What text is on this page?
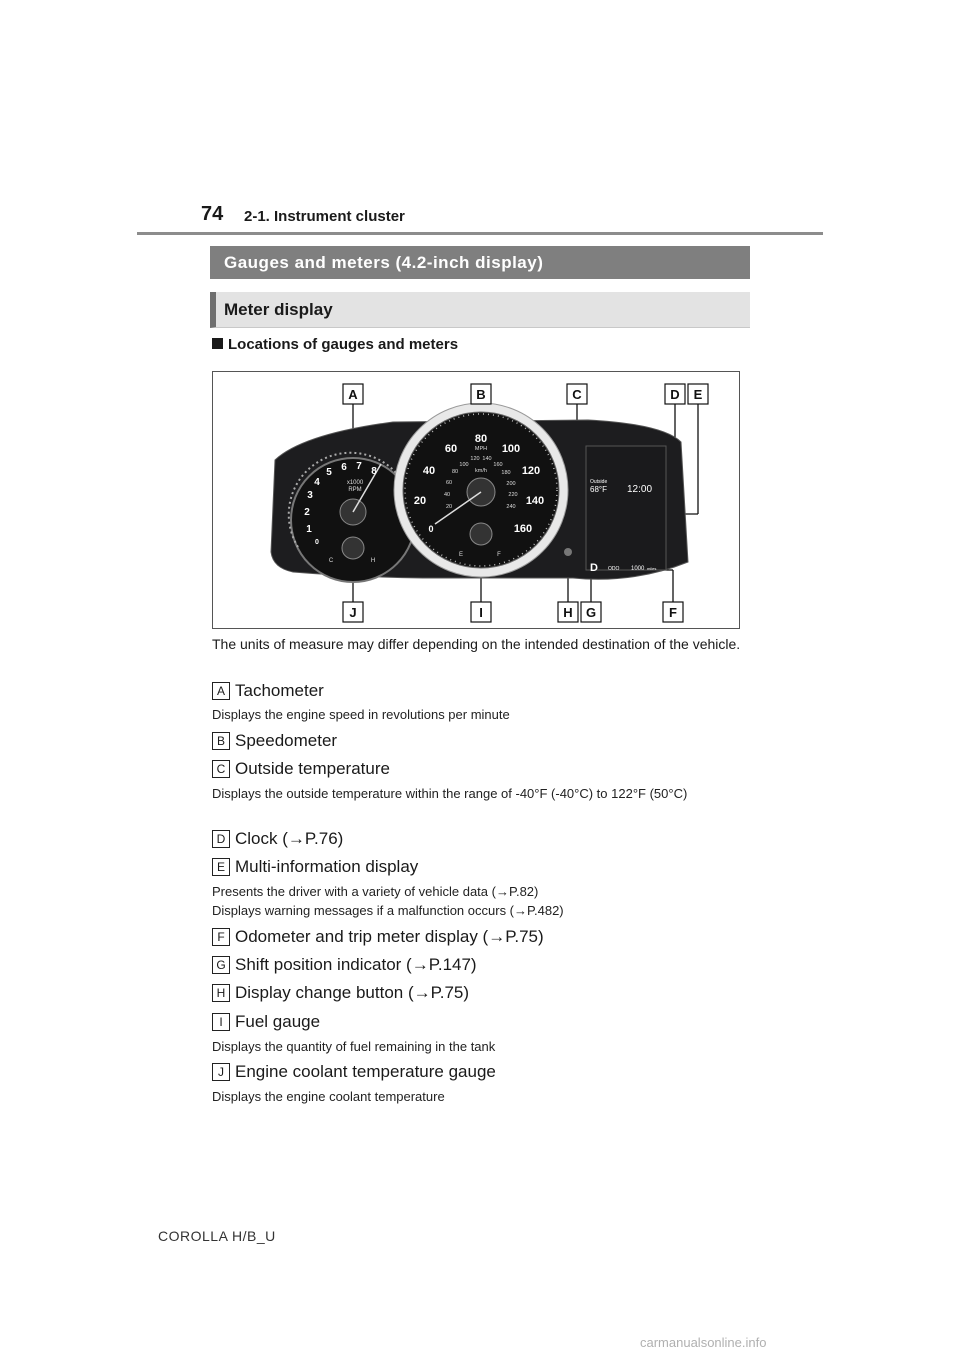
74 2-1. Instrument cluster
Gauges and meters (4.2-inch display)
Meter display
Locations of gauges and meters
A	B	C	D E
J	I	H G	F
1
2
3
4
5 6 7 8
0
x1000
RPM
C	H
E	F
20
40
60
80
100
120
140
160
0
20
40
60
80
100
120 140
160
180
200
220
240
MPH
km/h
Outside
68°F 12:00
D ODO 1000 miles
The units of measure may differ depending on the intended destination of the vehicle.
A Tachometer
Displays the engine speed in revolutions per minute
B Speedometer
C Outside temperature
Displays the outside temperature within the range of -40°F (-40°C) to 122°F (50°C)
D Clock (→P.76)
E Multi-information display
Presents the driver with a variety of vehicle data (→P.82)
Displays warning messages if a malfunction occurs (→P.482)
F Odometer and trip meter display (→P.75)
G Shift position indicator (→P.147)
H Display change button (→P.75)
I Fuel gauge
Displays the quantity of fuel remaining in the tank
J Engine coolant temperature gauge
Displays the engine coolant temperature
COROLLA H/B_U
carmanualsonline.info
